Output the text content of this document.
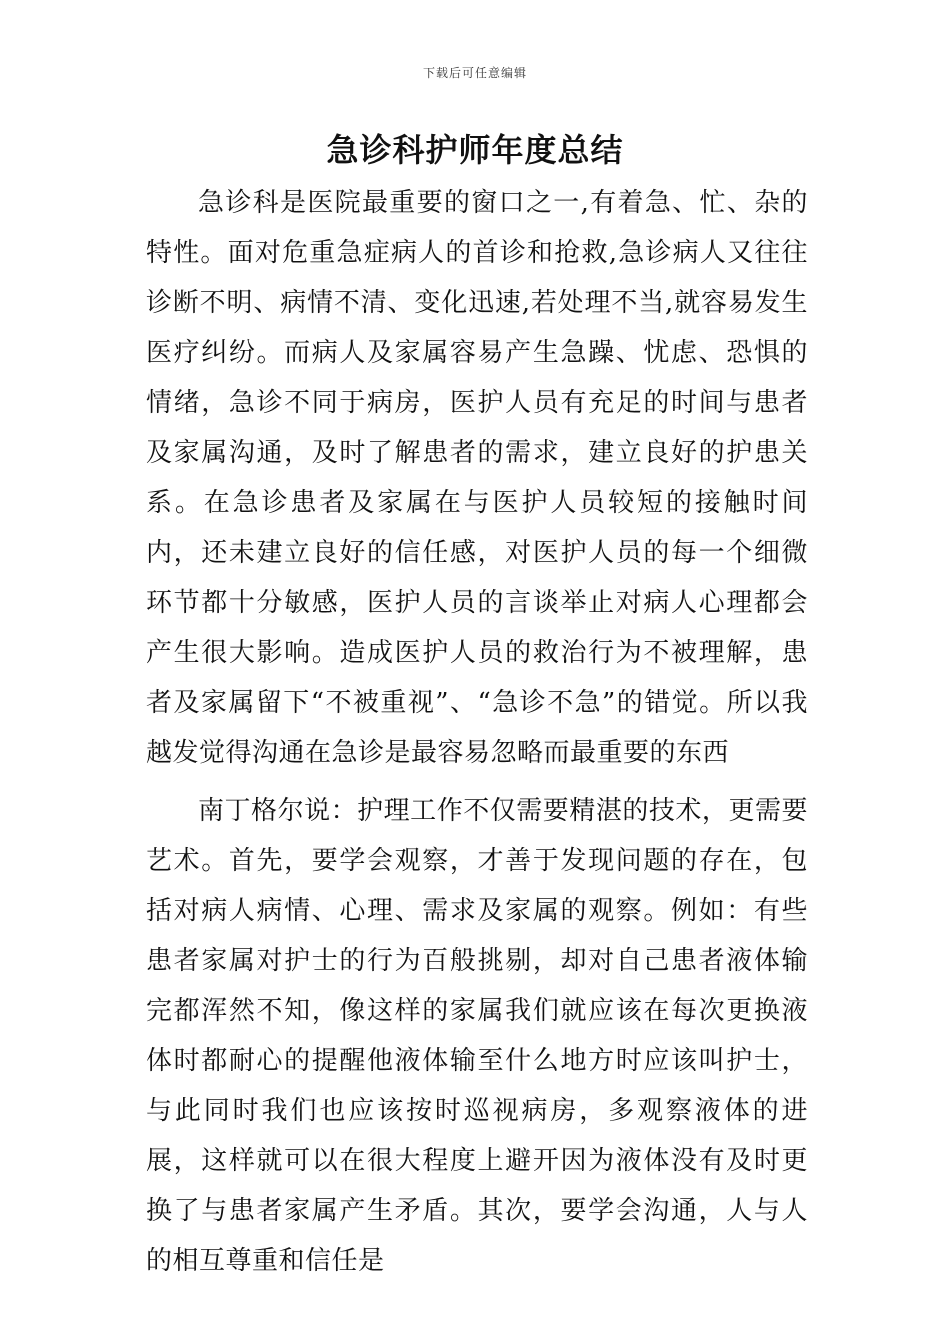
下载后可任意编辑
急诊科护师年度总结

急诊科是医院最重要的窗口之一,有着急、忙、杂的特性。面对危重急症病人的首诊和抢救,急诊病人又往往诊断不明、病情不清、变化迅速,若处理不当,就容易发生医疗纠纷。而病人及家属容易产生急躁、忧虑、恐惧的情绪，急诊不同于病房，医护人员有充足的时间与患者及家属沟通，及时了解患者的需求，建立良好的护患关系。在急诊患者及家属在与医护人员较短的接触时间内，还未建立良好的信任感，对医护人员的每一个细微环节都十分敏感，医护人员的言谈举止对病人心理都会产生很大影响。造成医护人员的救治行为不被理解，患者及家属留下“不被重视”、“急诊不急”的错觉。所以我越发觉得沟通在急诊是最容易忽略而最重要的东西

南丁格尔说：护理工作不仅需要精湛的技术，更需要艺术。首先，要学会观察，才善于发现问题的存在，包括对病人病情、心理、需求及家属的观察。例如：有些患者家属对护士的行为百般挑剔，却对自己患者液体输完都浑然不知，像这样的家属我们就应该在每次更换液体时都耐心的提醒他液体输至什么地方时应该叫护士，与此同时我们也应该按时巡视病房，多观察液体的进展，这样就可以在很大程度上避开因为液体没有及时更换了与患者家属产生矛盾。其次，要学会沟通，人与人的相互尊重和信任是
